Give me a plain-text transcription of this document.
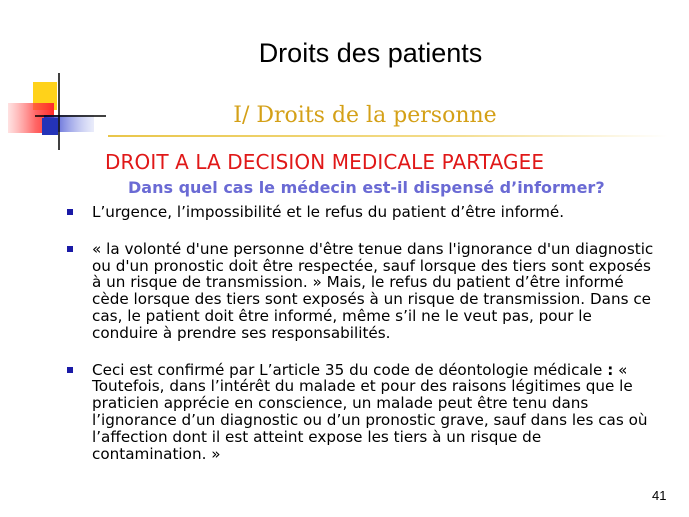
Droits des patients
I/ Droits de la personne
DROIT A LA DECISION MEDICALE PARTAGEE
Dans quel cas le médecin est-il dispensé d’informer?
L’urgence, l’impossibilité et le refus du patient d’être informé.
« la volonté d'une personne d'être tenue dans l'ignorance d'un diagnostic ou d'un pronostic doit être respectée, sauf lorsque des tiers sont exposés à un risque de transmission. » Mais, le refus du patient d’être informé cède lorsque des tiers sont exposés à un risque de transmission. Dans ce cas, le patient doit être informé, même s’il ne le veut pas, pour le conduire à prendre ses responsabilités.
Ceci est confirmé par L’article 35 du code de déontologie médicale : « Toutefois, dans l’intérêt du malade et pour des raisons légitimes que le praticien apprécie en conscience, un malade peut être tenu dans l’ignorance d’un diagnostic ou d’un pronostic grave, sauf dans les cas où l’affection dont il est atteint expose les tiers à un risque de contamination. »
41
